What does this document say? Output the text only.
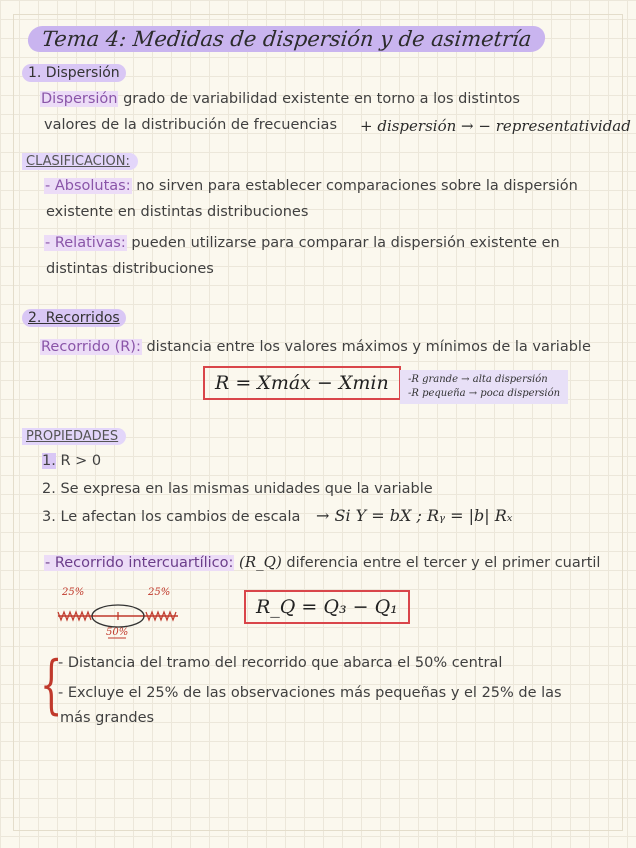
Tema 4: Medidas de dispersión y de asimetría
1. Dispersión
Dispersión grado de variabilidad existente en torno a los distintos
valores de la distribución de frecuencias + dispersión → − representatividad
CLASIFICACION:
- Absolutas: no sirven para establecer comparaciones sobre la dispersión
existente en distintas distribuciones
- Relativas: pueden utilizarse para comparar la dispersión existente en
distintas distribuciones
2. Recorridos
Recorrido (R): distancia entre los valores máximos y mínimos de la variable
R = Xmáx − Xmin	-R grande → alta dispersión
-R pequeña → poca dispersión
PROPIEDADES
1. R > 0
2. Se expresa en las mismas unidades que la variable
3. Le afectan los cambios de escala → Si Y = bX ; Rᵧ = |b| Rₓ
- Recorrido intercuartílico: (R_Q) diferencia entre el tercer y el primer cuartil
25%	25%
50%
R_Q = Q₃ − Q₁
{
- Distancia del tramo del recorrido que abarca el 50% central
- Excluye el 25% de las observaciones más pequeñas y el 25% de las
más grandes
